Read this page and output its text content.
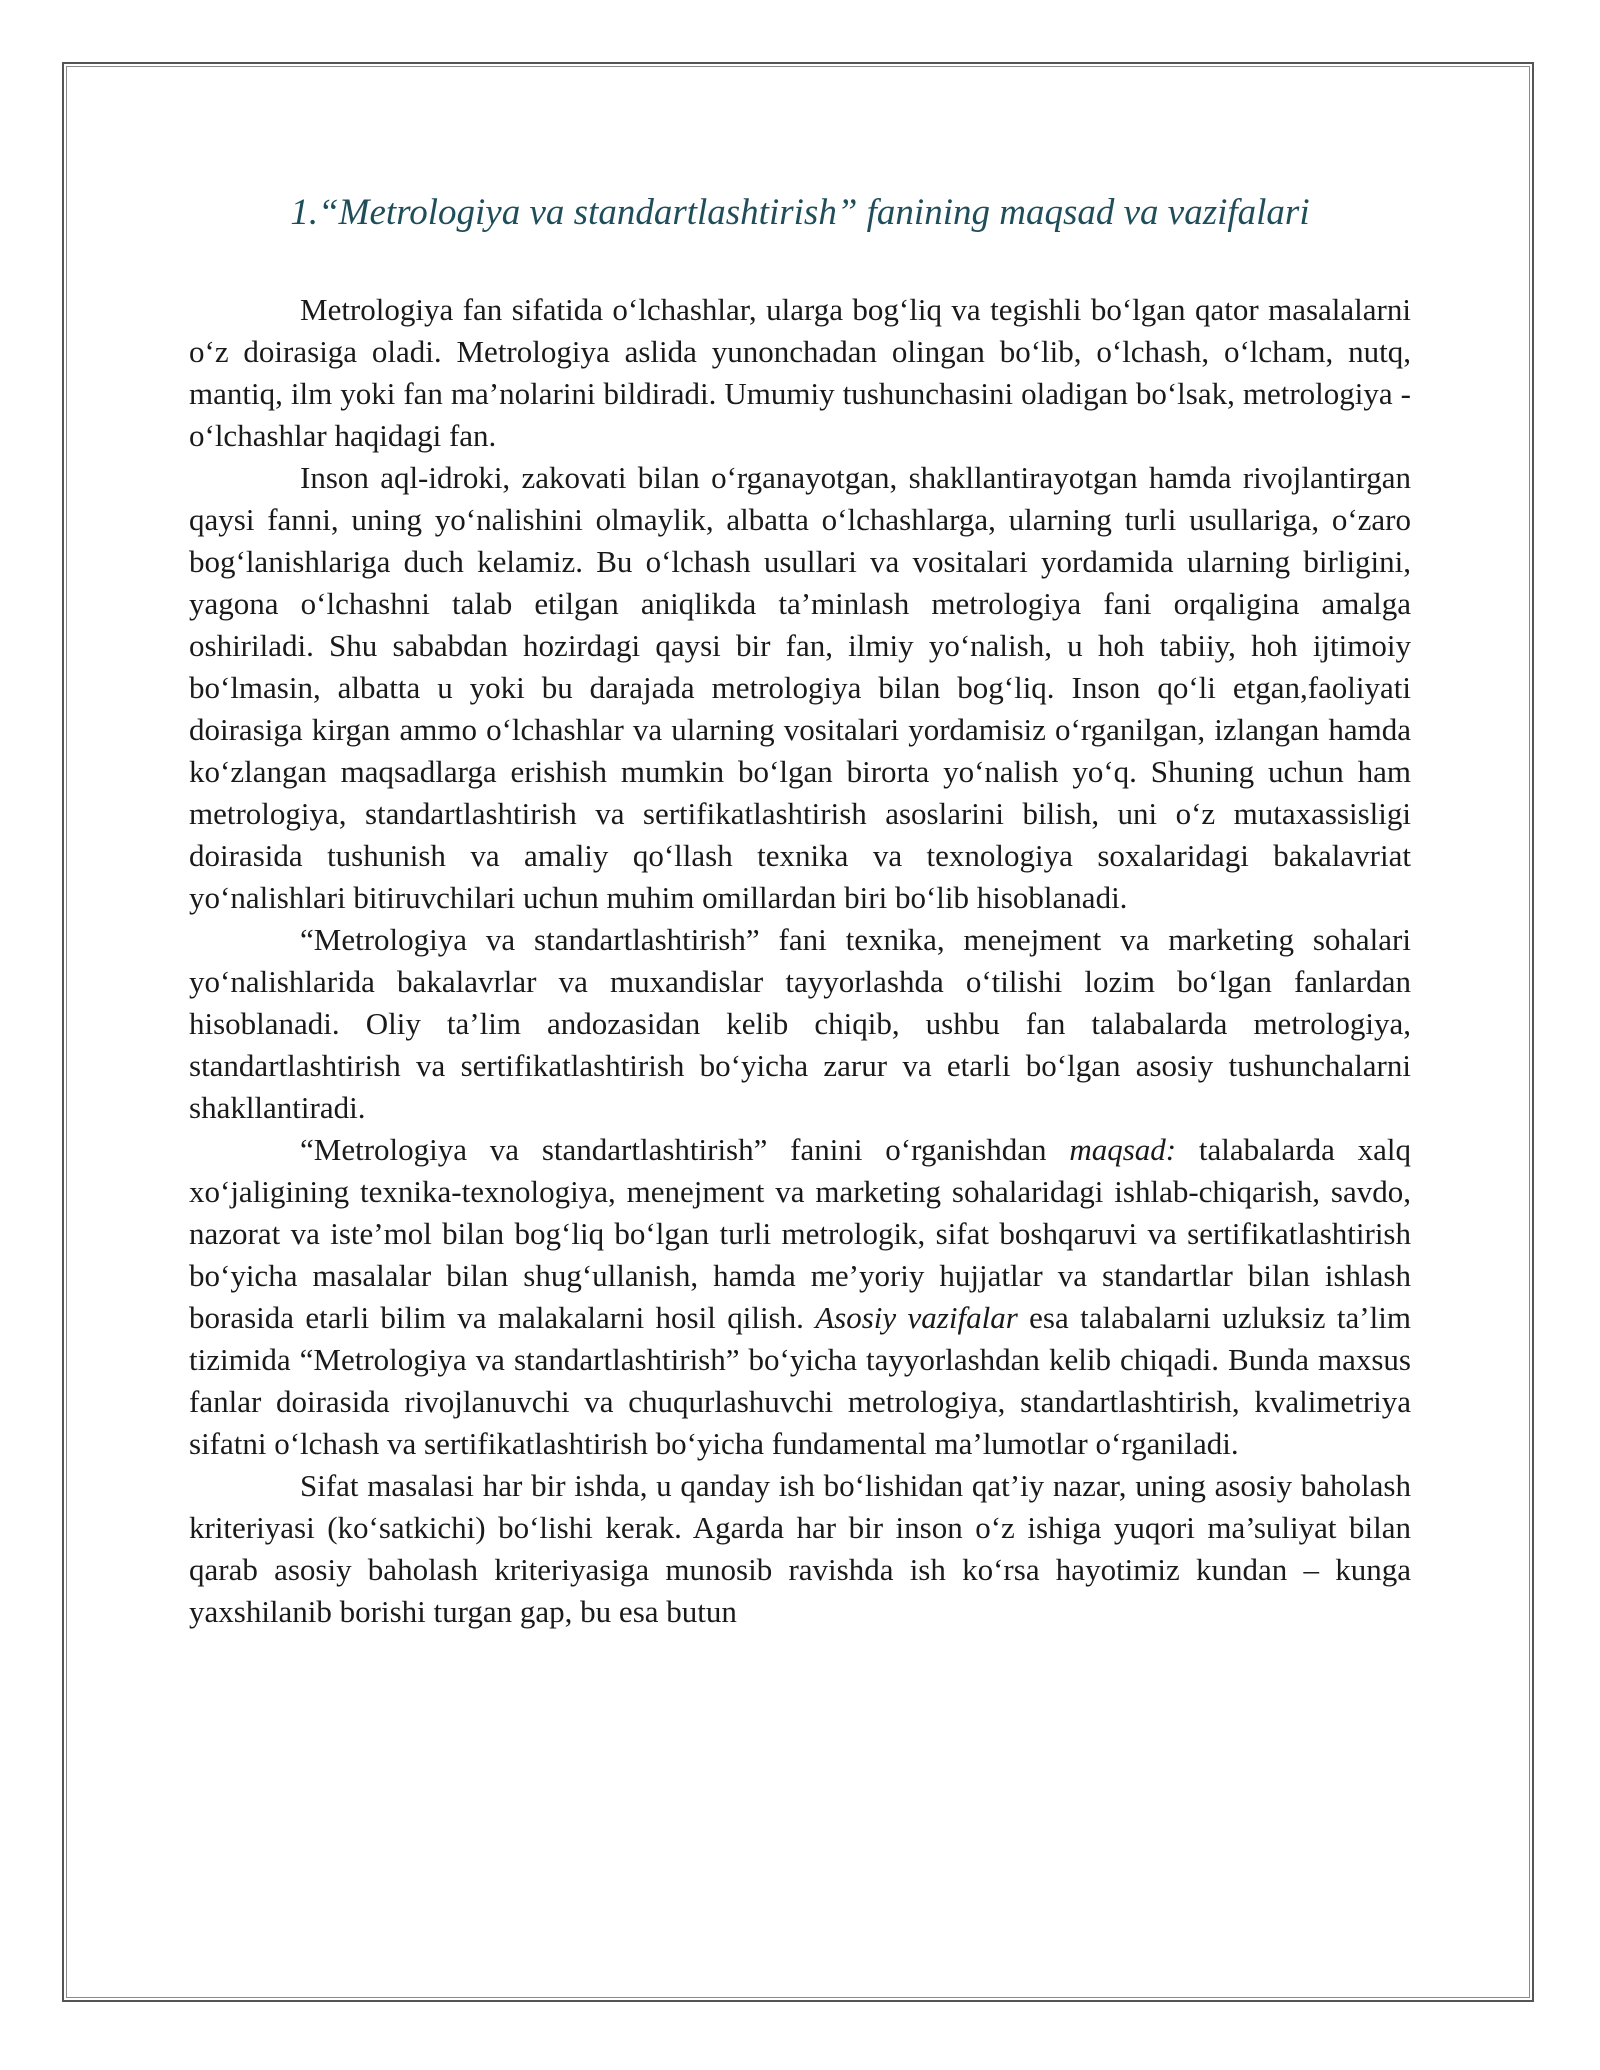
1.“Metrologiya va standartlashtirish” fanining maqsad va vazifalari

Metrologiya fan sifatida o‘lchashlar, ularga bog‘liq va tegishli bo‘lgan qator masalalarni o‘z doirasiga oladi. Metrologiya aslida yunonchadan olingan bo‘lib, o‘lchash, o‘lcham, nutq, mantiq, ilm yoki fan ma’nolarini bildiradi. Umumiy tushunchasini oladigan bo‘lsak, metrologiya - o‘lchashlar haqidagi fan.

Inson aql-idroki, zakovati bilan o‘rganayotgan, shakllantirayotgan hamda rivojlantirgan qaysi fanni, uning yo‘nalishini olmaylik, albatta o‘lchashlarga, ularning turli usullariga, o‘zaro bog‘lanishlariga duch kelamiz. Bu o‘lchash usullari va vositalari yordamida ularning birligini, yagona o‘lchashni talab etilgan aniqlikda ta’minlash metrologiya fani orqaligina amalga oshiriladi. Shu sababdan hozirdagi qaysi bir fan, ilmiy yo‘nalish, u hoh tabiiy, hoh ijtimoiy bo‘lmasin, albatta u yoki bu darajada metrologiya bilan bog‘liq. Inson qo‘li etgan,faoliyati doirasiga kirgan ammo o‘lchashlar va ularning vositalari yordamisiz o‘rganilgan, izlangan hamda ko‘zlangan maqsadlarga erishish mumkin bo‘lgan birorta yo‘nalish yo‘q. Shuning uchun ham metrologiya, standartlashtirish va sertifikatlashtirish asoslarini bilish, uni o‘z mutaxassisligi doirasida tushunish va amaliy qo‘llash texnika va texnologiya soxalaridagi bakalavriat yo‘nalishlari bitiruvchilari uchun muhim omillardan biri bo‘lib hisoblanadi.

“Metrologiya va standartlashtirish” fani texnika, menejment va marketing sohalari yo‘nalishlarida bakalavrlar va muxandislar tayyorlashda o‘tilishi lozim bo‘lgan fanlardan hisoblanadi. Oliy ta’lim andozasidan kelib chiqib, ushbu fan talabalarda metrologiya, standartlashtirish va sertifikatlashtirish bo‘yicha zarur va etarli bo‘lgan asosiy tushunchalarni shakllantiradi.

“Metrologiya va standartlashtirish” fanini o‘rganishdan maqsad: talabalarda xalq xo‘jaligining texnika-texnologiya, menejment va marketing sohalaridagi ishlab-chiqarish, savdo, nazorat va iste’mol bilan bog‘liq bo‘lgan turli metrologik, sifat boshqaruvi va sertifikatlashtirish bo‘yicha masalalar bilan shug‘ullanish, hamda me’yoriy hujjatlar va standartlar bilan ishlash borasida etarli bilim va malakalarni hosil qilish. Asosiy vazifalar esa talabalarni uzluksiz ta’lim tizimida “Metrologiya va standartlashtirish” bo‘yicha tayyorlashdan kelib chiqadi. Bunda maxsus fanlar doirasida rivojlanuvchi va chuqurlashuvchi metrologiya, standartlashtirish, kvalimetriya sifatni o‘lchash va sertifikatlashtirish bo‘yicha fundamental ma’lumotlar o‘rganiladi.

Sifat masalasi har bir ishda, u qanday ish bo‘lishidan qat’iy nazar, uning asosiy baholash kriteriyasi (ko‘satkichi) bo‘lishi kerak. Agarda har bir inson o‘z ishiga yuqori ma’suliyat bilan qarab asosiy baholash kriteriyasiga munosib ravishda ish ko‘rsa hayotimiz kundan – kunga yaxshilanib borishi turgan gap, bu esa butun
